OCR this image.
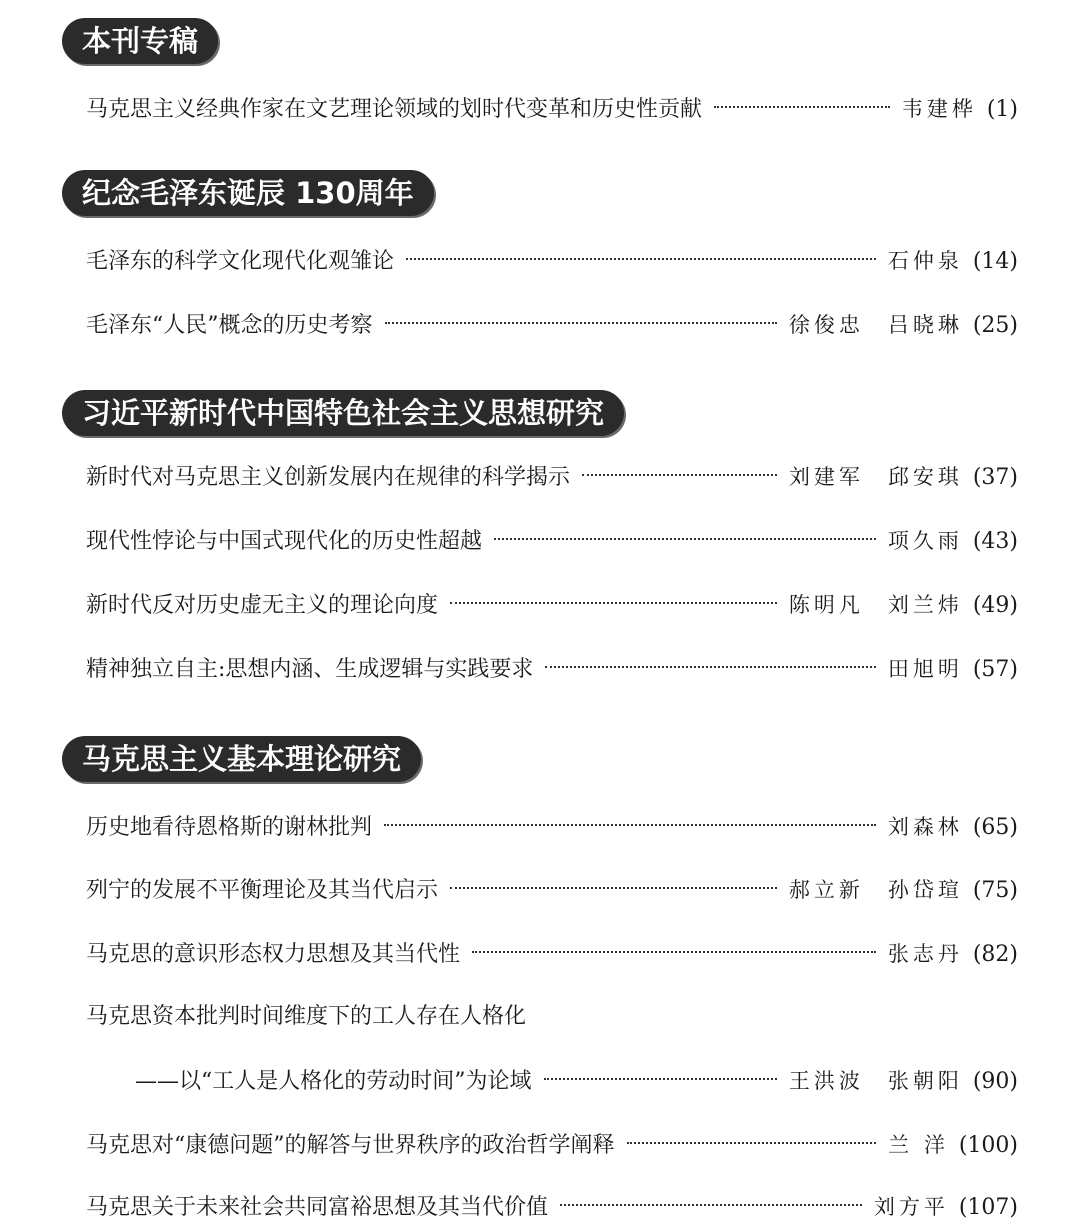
本刊专稿
马克思主义经典作家在文艺理论领域的划时代变革和历史性贡献	韦建桦 (1)
纪念毛泽东诞辰 130周年
毛泽东的科学文化现代化观雏论	石仲泉 (14)
毛泽东“人民”概念的历史考察	徐俊忠 吕晓琳 (25)
习近平新时代中国特色社会主义思想研究
新时代对马克思主义创新发展内在规律的科学揭示	刘建军 邱安琪 (37)
现代性悖论与中国式现代化的历史性超越	项久雨 (43)
新时代反对历史虚无主义的理论向度	陈明凡 刘兰炜 (49)
精神独立自主:思想内涵、生成逻辑与实践要求	田旭明 (57)
马克思主义基本理论研究
历史地看待恩格斯的谢林批判	刘森林 (65)
列宁的发展不平衡理论及其当代启示	郝立新 孙岱瑄 (75)
马克思的意识形态权力思想及其当代性	张志丹 (82)
马克思资本批判时间维度下的工人存在人格化
——以“工人是人格化的劳动时间”为论域	王洪波 张朝阳 (90)
马克思对“康德问题”的解答与世界秩序的政治哲学阐释	兰 洋 (100)
马克思关于未来社会共同富裕思想及其当代价值	刘方平 (107)
